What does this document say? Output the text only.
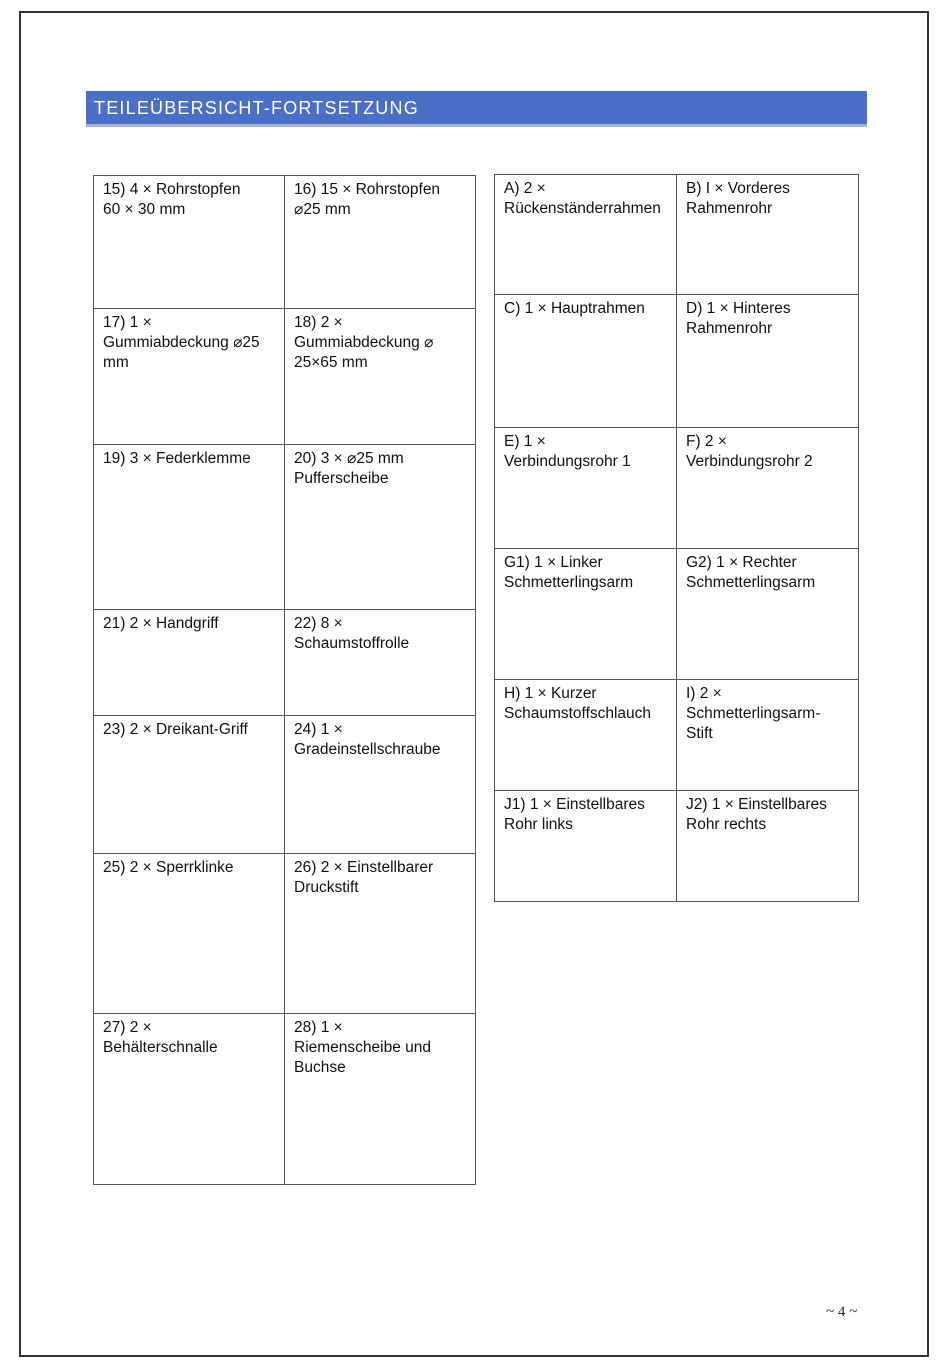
TEILEÜBERSICHT-FORTSETZUNG
15) 4 × Rohrstopfen
60 × 30 mm	16) 15 × Rohrstopfen
⌀25 mm

17) 1 ×
Gummiabdeckung ⌀25
mm	18) 2 ×
Gummiabdeckung ⌀
25×65 mm

19) 3 × Federklemme	20) 3 × ⌀25 mm
Pufferscheibe

21) 2 × Handgriff	22) 8 ×
Schaumstoffrolle

23) 2 × Dreikant-Griff	24) 1 ×
Gradeinstellschraube

25) 2 × Sperrklinke	26) 2 × Einstellbarer
Druckstift

27) 2 ×
Behälterschnalle	28) 1 ×
Riemenscheibe und
Buchse
A) 2 ×
Rückenständerrahmen	B) I × Vorderes
Rahmenrohr

C) 1 × Hauptrahmen	D) 1 × Hinteres
Rahmenrohr

E) 1 ×
Verbindungsrohr 1	F) 2 ×
Verbindungsrohr 2

G1) 1 × Linker
Schmetterlingsarm	G2) 1 × Rechter
Schmetterlingsarm

H) 1 × Kurzer
Schaumstoffschlauch	I) 2 ×
Schmetterlingsarm-
Stift

J1) 1 × Einstellbares
Rohr links	J2) 1 × Einstellbares
Rohr rechts
~ 4 ~
